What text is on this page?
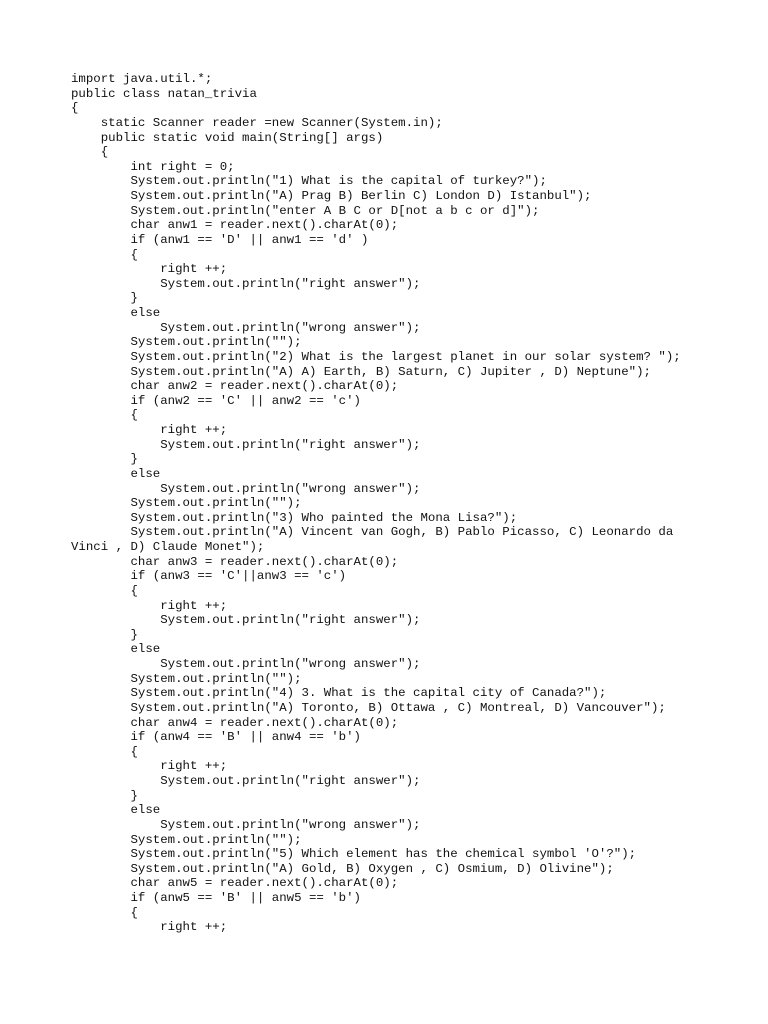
import java.util.*;
public class natan_trivia
{
static Scanner reader =new Scanner(System.in);
public static void main(String[] args)
{
int right = 0;
System.out.println("1) What is the capital of turkey?");
System.out.println("A) Prag B) Berlin C) London D) Istanbul");
System.out.println("enter A B C or D[not a b c or d]");
char anw1 = reader.next().charAt(0);
if (anw1 == 'D' || anw1 == 'd' )
{
right ++;
System.out.println("right answer");
}
else
System.out.println("wrong answer");
System.out.println("");
System.out.println("2) What is the largest planet in our solar system? ");
System.out.println("A) A) Earth, B) Saturn, C) Jupiter , D) Neptune");
char anw2 = reader.next().charAt(0);
if (anw2 == 'C' || anw2 == 'c')
{
right ++;
System.out.println("right answer");
}
else
System.out.println("wrong answer");
System.out.println("");
System.out.println("3) Who painted the Mona Lisa?");
System.out.println("A) Vincent van Gogh, B) Pablo Picasso, C) Leonardo da
Vinci , D) Claude Monet");
char anw3 = reader.next().charAt(0);
if (anw3 == 'C'||anw3 == 'c')
{
right ++;
System.out.println("right answer");
}
else
System.out.println("wrong answer");
System.out.println("");
System.out.println("4) 3. What is the capital city of Canada?");
System.out.println("A) Toronto, B) Ottawa , C) Montreal, D) Vancouver");
char anw4 = reader.next().charAt(0);
if (anw4 == 'B' || anw4 == 'b')
{
right ++;
System.out.println("right answer");
}
else
System.out.println("wrong answer");
System.out.println("");
System.out.println("5) Which element has the chemical symbol 'O'?");
System.out.println("A) Gold, B) Oxygen , C) Osmium, D) Olivine");
char anw5 = reader.next().charAt(0);
if (anw5 == 'B' || anw5 == 'b')
{
right ++;
